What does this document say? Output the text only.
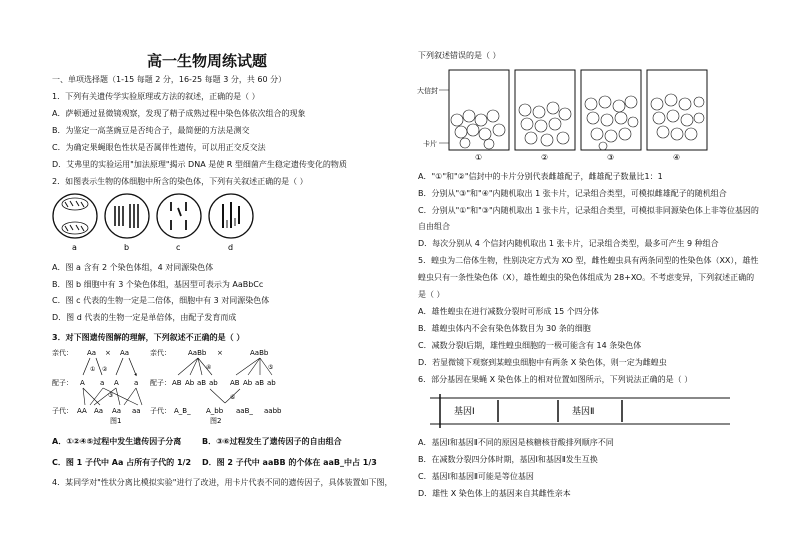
高一生物周练试题
一、单项选择题（1-15 每题 2 分，16-25 每题 3 分，共 60 分）
1．下列有关遗传学实验原理或方法的叙述，正确的是（ ）
A．萨顿通过显微镜观察，发现了精子成熟过程中染色体依次组合的现象
B．为鉴定一高茎豌豆是否纯合子，最简便的方法是测交
C．为确定果蝇眼色性状是否属伴性遗传，可以用正交反交法
D．艾弗里的实验运用"加法原理"揭示 DNA 是使 R 型细菌产生稳定遗传变化的物质
2．如图表示生物的体细胞中所含的染色体，下列有关叙述正确的是（ ）
a	b	c	d
A．图 a 含有 2 个染色体组，4 对同源染色体
B．图 b 细胞中有 3 个染色体组，基因型可表示为 AaBbCc
C．图 c 代表的生物一定是二倍体，细胞中有 3 对同源染色体
D．图 d 代表的生物一定是单倍体，由配子发育而成
3．对下图遗传图解的理解，下列叙述不正确的是（ ）
亲代： Aa × Aa
① ②
配子： A a A a
③
子代： AA Aa Aa aa
图1
亲代： AaBb ×	AaBb
④	⑤
配子： AB Ab aB ab AB Ab aB ab
⑥
子代： A_B_ A_bb aaB_ aabb
图2
A．①②④⑤过程中发生遗传因子分离	B．③⑥过程发生了遗传因子的自由组合
C．图 1 子代中 Aa 占所有子代的 1/2 D．图 2 子代中 aaBB 的个体在 aaB_中占 1/3
4．某同学对"性状分离比模拟实验"进行了改进，用卡片代表不同的遗传因子，具体装置如下图，
下列叙述错误的是（ ）
大信封
卡片
①	②	③	④
A．"①"和"②"信封中的卡片分别代表雌雄配子，雌雄配子数量比1：1
B．分别从"③"和"④"内随机取出 1 张卡片，记录组合类型，可模拟雌雄配子的随机组合
C．分别从"①"和"③"内随机取出 1 张卡片，记录组合类型，可模拟非同源染色体上非等位基因的
自由组合
D．每次分别从 4 个信封内随机取出 1 张卡片，记录组合类型，最多可产生 9 种组合
5．蝗虫为二倍体生物，性别决定方式为 XO 型，雌性蝗虫具有两条同型的性染色体（XX），雄性
蝗虫只有一条性染色体（X），雄性蝗虫的染色体组成为 28+XO。不考虑变异，下列叙述正确的
是（ ）
A．雄性蝗虫在进行减数分裂时可形成 15 个四分体
B．雄蝗虫体内不会有染色体数目为 30 条的细胞
C．减数分裂Ⅰ后期，雄性蝗虫细胞的一极可能含有 14 条染色体
D．若显微镜下观察到某蝗虫细胞中有两条 X 染色体，则一定为雌蝗虫
6．部分基因在果蝇 X 染色体上的相对位置如图所示，下列说法正确的是（ ）
基因Ⅰ	基因Ⅱ
A．基因Ⅰ和基因Ⅱ不同的原因是核糖核苷酸排列顺序不同
B．在减数分裂四分体时期，基因Ⅰ和基因Ⅱ发生互换
C．基因Ⅰ和基因Ⅱ可能是等位基因
D．雄性 X 染色体上的基因来自其雌性亲本
